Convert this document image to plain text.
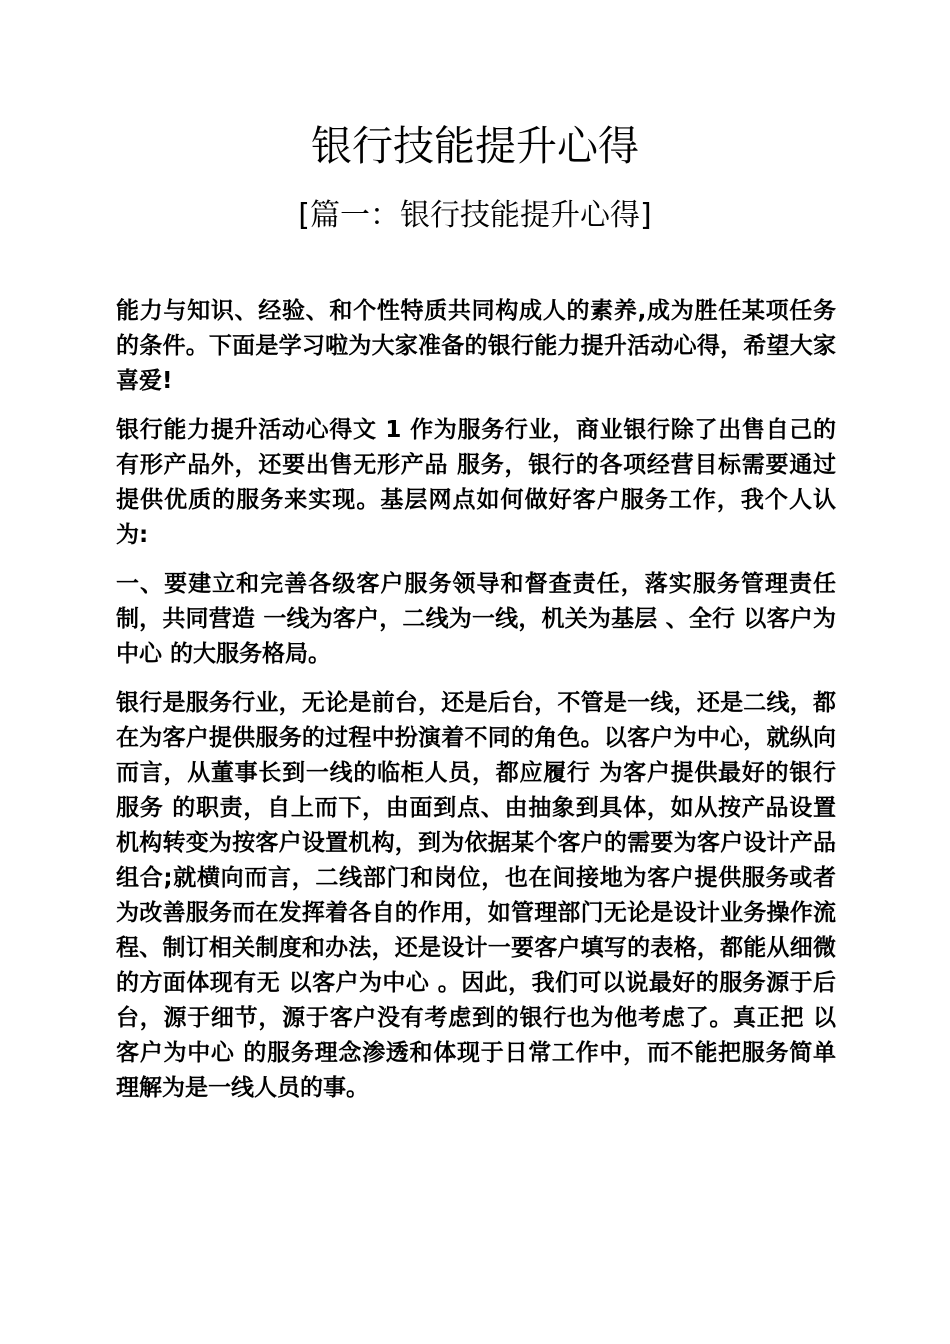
银行技能提升心得
[篇一：银行技能提升心得]

能力与知识、经验、和个性特质共同构成人的素养,成为胜任某项任务的条件。下面是学习啦为大家准备的银行能力提升活动心得，希望大家喜爱!

银行能力提升活动心得文 1 作为服务行业，商业银行除了出售自己的有形产品外，还要出售无形产品 服务，银行的各项经营目标需要通过提供优质的服务来实现。基层网点如何做好客户服务工作，我个人认为:

一、要建立和完善各级客户服务领导和督查责任，落实服务管理责任制，共同营造 一线为客户，二线为一线，机关为基层 、全行 以客户为中心 的大服务格局。

银行是服务行业，无论是前台，还是后台，不管是一线，还是二线，都在为客户提供服务的过程中扮演着不同的角色。以客户为中心，就纵向而言，从董事长到一线的临柜人员，都应履行 为客户提供最好的银行服务 的职责，自上而下，由面到点、由抽象到具体，如从按产品设置机构转变为按客户设置机构，到为依据某个客户的需要为客户设计产品组合;就横向而言，二线部门和岗位，也在间接地为客户提供服务或者为改善服务而在发挥着各自的作用，如管理部门无论是设计业务操作流程、制订相关制度和办法，还是设计一要客户填写的表格，都能从细微的方面体现有无 以客户为中心 。因此，我们可以说最好的服务源于后台，源于细节，源于客户没有考虑到的银行也为他考虑了。真正把 以客户为中心 的服务理念渗透和体现于日常工作中，而不能把服务简单理解为是一线人员的事。
